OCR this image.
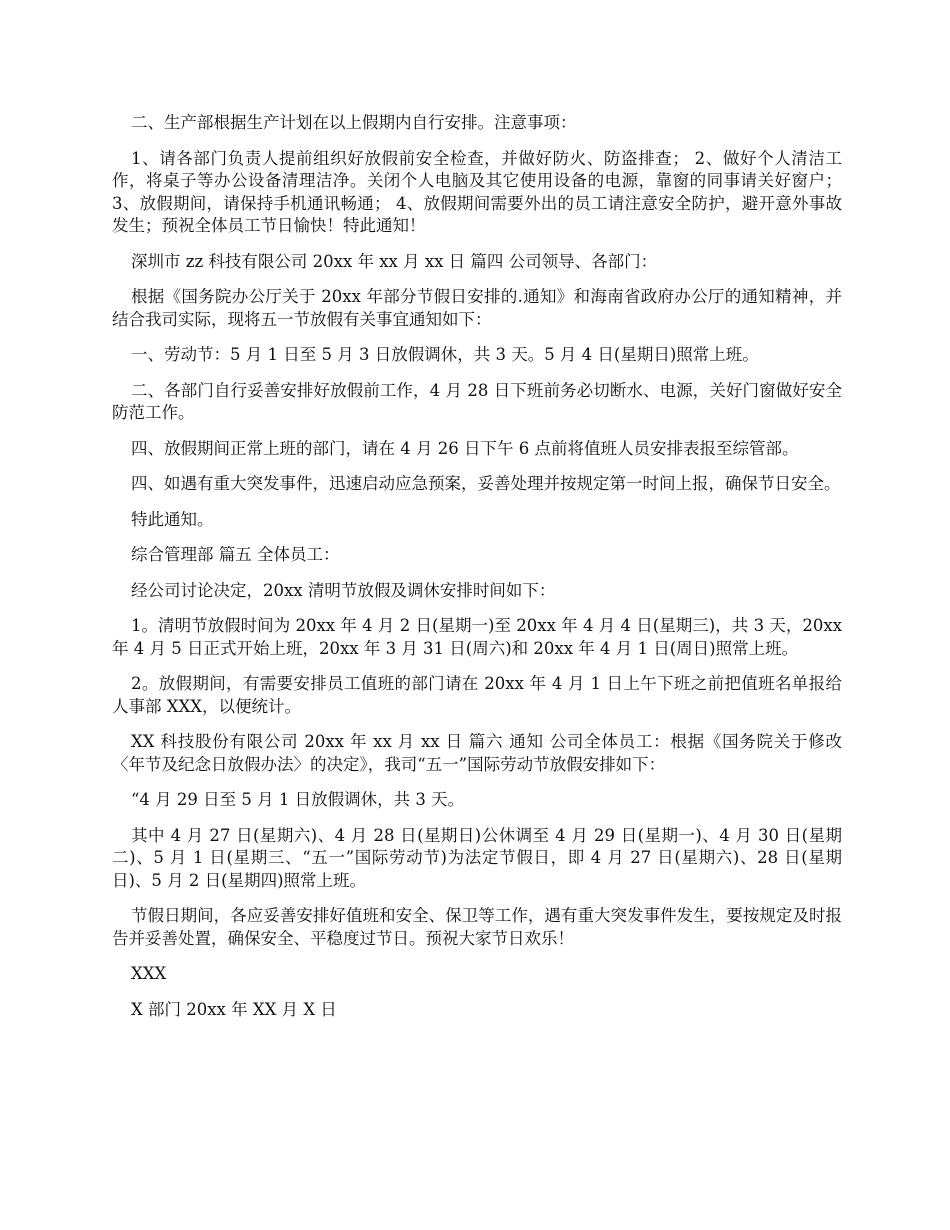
二、生产部根据生产计划在以上假期内自行安排。注意事项：

1、请各部门负责人提前组织好放假前安全检查，并做好防火、防盗排查； 2、做好个人清洁工作，将桌子等办公设备清理洁净。关闭个人电脑及其它使用设备的电源，靠窗的同事请关好窗户； 3、放假期间，请保持手机通讯畅通； 4、放假期间需要外出的员工请注意安全防护，避开意外事故发生；预祝全体员工节日愉快！特此通知！

深圳市 zz 科技有限公司 20xx 年 xx 月 xx 日 篇四 公司领导、各部门：

根据《国务院办公厅关于 20xx 年部分节假日安排的.通知》和海南省政府办公厅的通知精神，并结合我司实际，现将五一节放假有关事宜通知如下：

一、劳动节：5 月 1 日至 5 月 3 日放假调休，共 3 天。5 月 4 日(星期日)照常上班。

二、各部门自行妥善安排好放假前工作，4 月 28 日下班前务必切断水、电源，关好门窗做好安全防范工作。

四、放假期间正常上班的部门，请在 4 月 26 日下午 6 点前将值班人员安排表报至综管部。

四、如遇有重大突发事件，迅速启动应急预案，妥善处理并按规定第一时间上报，确保节日安全。

特此通知。

综合管理部 篇五 全体员工：

经公司讨论决定，20xx 清明节放假及调休安排时间如下：

1。清明节放假时间为 20xx 年 4 月 2 日(星期一)至 20xx 年 4 月 4 日(星期三)，共 3 天，20xx 年 4 月 5 日正式开始上班，20xx 年 3 月 31 日(周六)和 20xx 年 4 月 1 日(周日)照常上班。

2。放假期间，有需要安排员工值班的部门请在 20xx 年 4 月 1 日上午下班之前把值班名单报给人事部 XXX，以便统计。

XX 科技股份有限公司 20xx 年 xx 月 xx 日 篇六 通知 公司全体员工：根据《国务院关于修改〈年节及纪念日放假办法〉的决定》，我司“五一”国际劳动节放假安排如下：

“4 月 29 日至 5 月 1 日放假调休，共 3 天。

其中 4 月 27 日(星期六)、4 月 28 日(星期日)公休调至 4 月 29 日(星期一)、4 月 30 日(星期二)、5 月 1 日(星期三、“五一”国际劳动节)为法定节假日，即 4 月 27 日(星期六)、28 日(星期日)、5 月 2 日(星期四)照常上班。

节假日期间，各应妥善安排好值班和安全、保卫等工作，遇有重大突发事件发生，要按规定及时报告并妥善处置，确保安全、平稳度过节日。预祝大家节日欢乐！

XXX

X 部门 20xx 年 XX 月 X 日
